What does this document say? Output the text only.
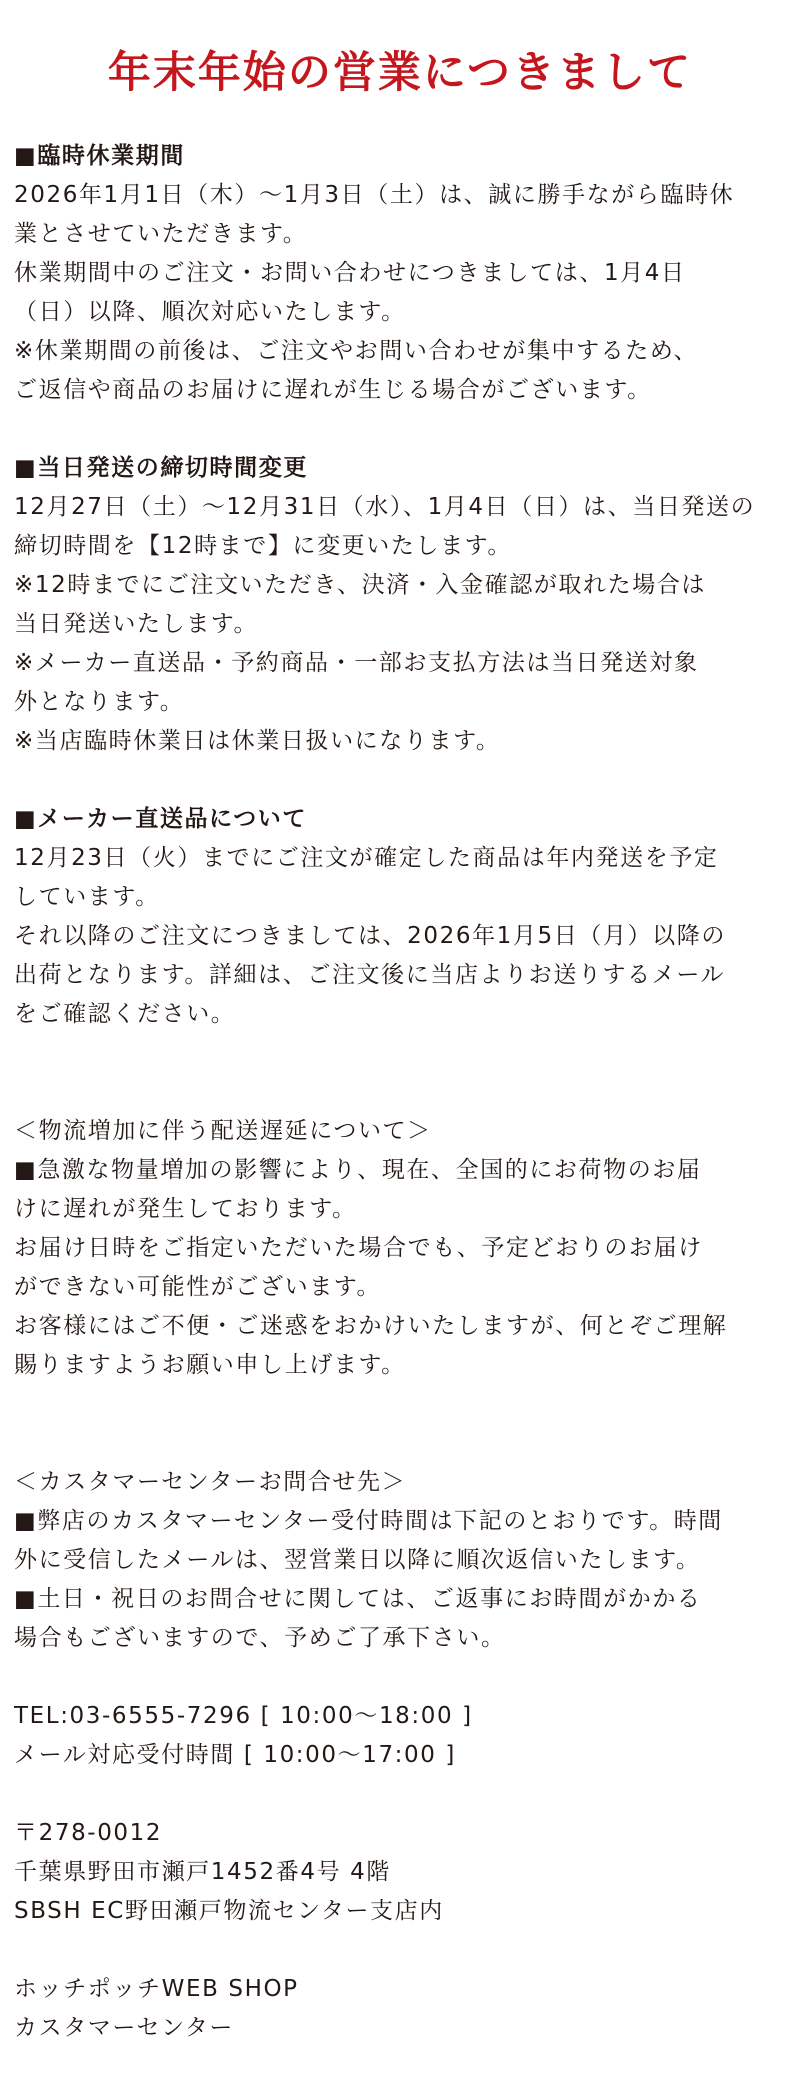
年末年始の営業につきまして

■臨時休業期間

2026年1月1日（木）～1月3日（土）は、誠に勝手ながら臨時休

業とさせていただきます。

休業期間中のご注文・お問い合わせにつきましては、1月4日

（日）以降、順次対応いたします。

※休業期間の前後は、ご注文やお問い合わせが集中するため、

ご返信や商品のお届けに遅れが生じる場合がございます。

■当日発送の締切時間変更

12月27日（土）～12月31日（水）、1月4日（日）は、当日発送の

締切時間を【12時まで】に変更いたします。

※12時までにご注文いただき、決済・入金確認が取れた場合は

当日発送いたします。

※メーカー直送品・予約商品・一部お支払方法は当日発送対象

外となります。

※当店臨時休業日は休業日扱いになります。

■メーカー直送品について

12月23日（火）までにご注文が確定した商品は年内発送を予定

しています。

それ以降のご注文につきましては、2026年1月5日（月）以降の

出荷となります。詳細は、ご注文後に当店よりお送りするメール

をご確認ください。

＜物流増加に伴う配送遅延について＞

■急激な物量増加の影響により、現在、全国的にお荷物のお届

けに遅れが発生しております。

お届け日時をご指定いただいた場合でも、予定どおりのお届け

ができない可能性がございます。

お客様にはご不便・ご迷惑をおかけいたしますが、何とぞご理解

賜りますようお願い申し上げます。

＜カスタマーセンターお問合せ先＞

■弊店のカスタマーセンター受付時間は下記のとおりです。時間

外に受信したメールは、翌営業日以降に順次返信いたします。

■土日・祝日のお問合せに関しては、ご返事にお時間がかかる

場合もございますので、予めご了承下さい。

TEL:03-6555-7296 [ 10:00～18:00 ]

メール対応受付時間 [ 10:00～17:00 ]

〒278-0012

千葉県野田市瀬戸1452番4号 4階

SBSH EC野田瀬戸物流センター支店内

ホッチポッチWEB SHOP

カスタマーセンター
